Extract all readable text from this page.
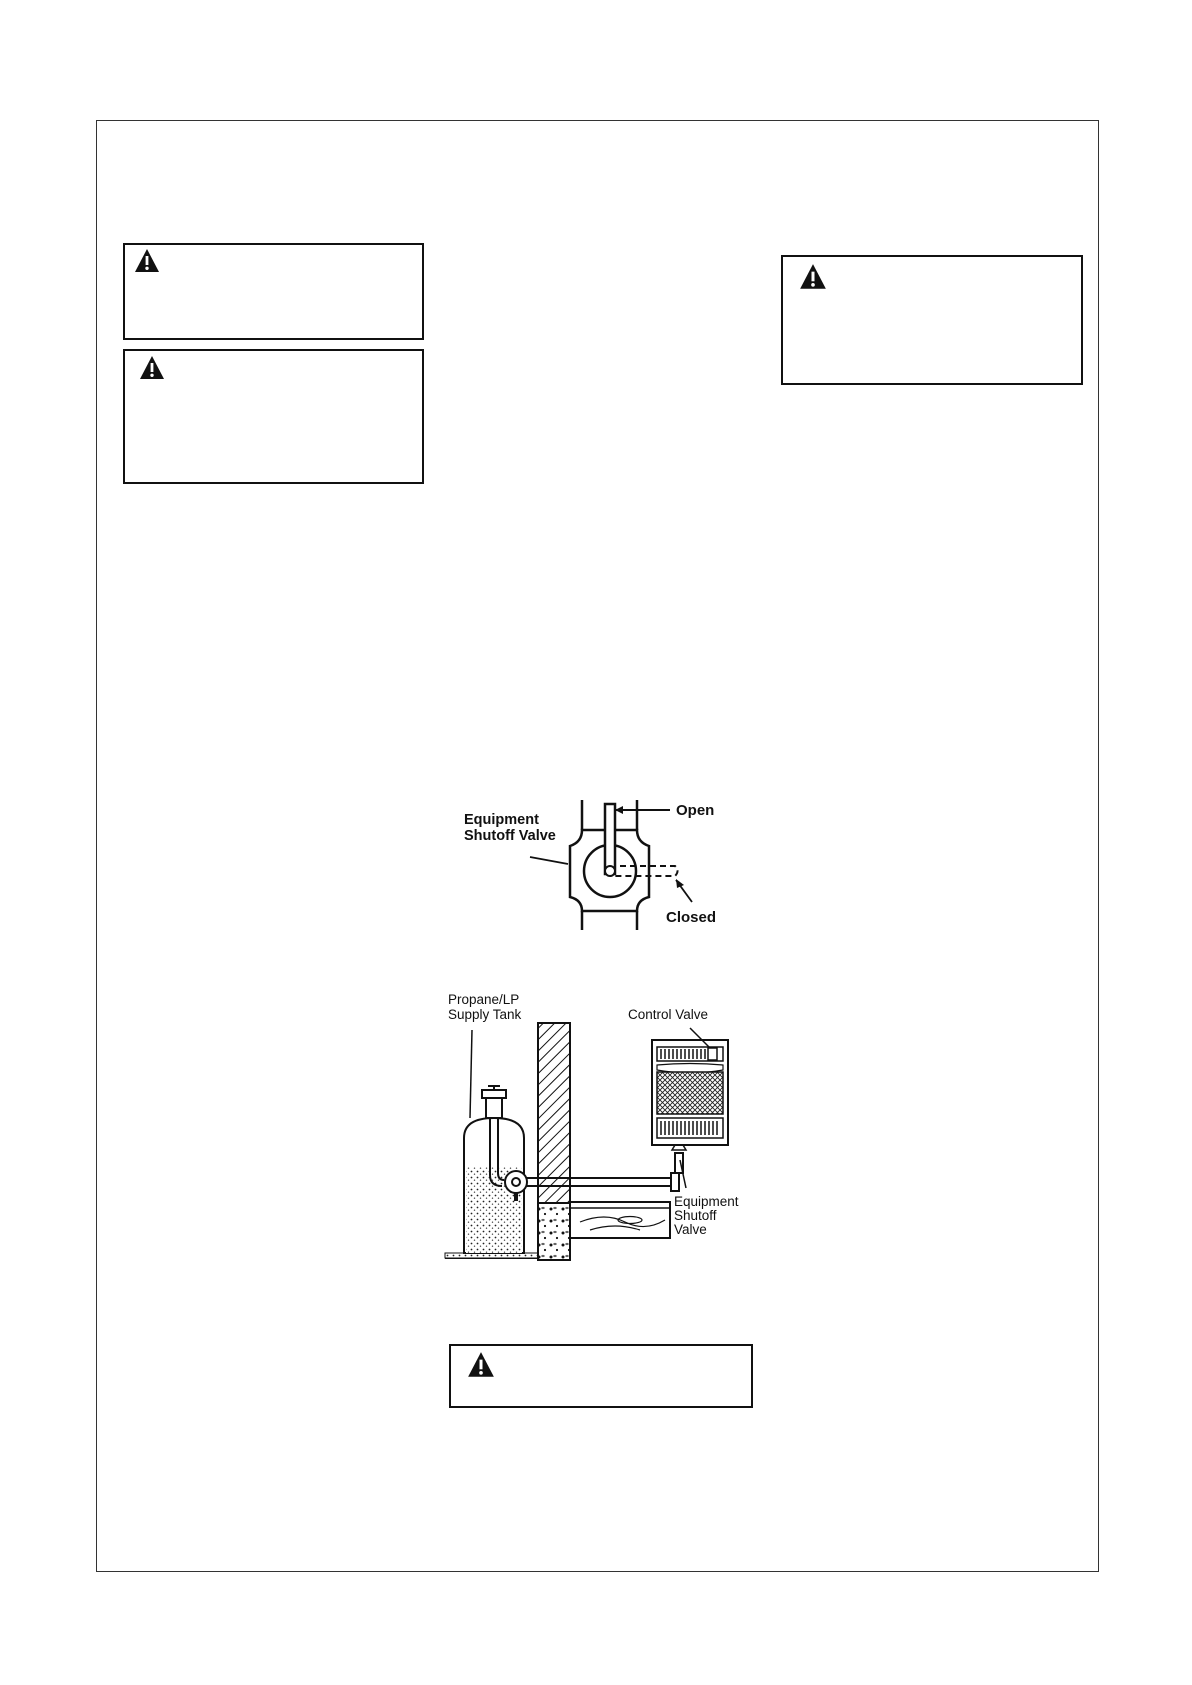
Equipment
Shutoff Valve
Open
Closed
Propane/LP
Supply Tank	Control Valve
Equipment
Shutoff
Valve
